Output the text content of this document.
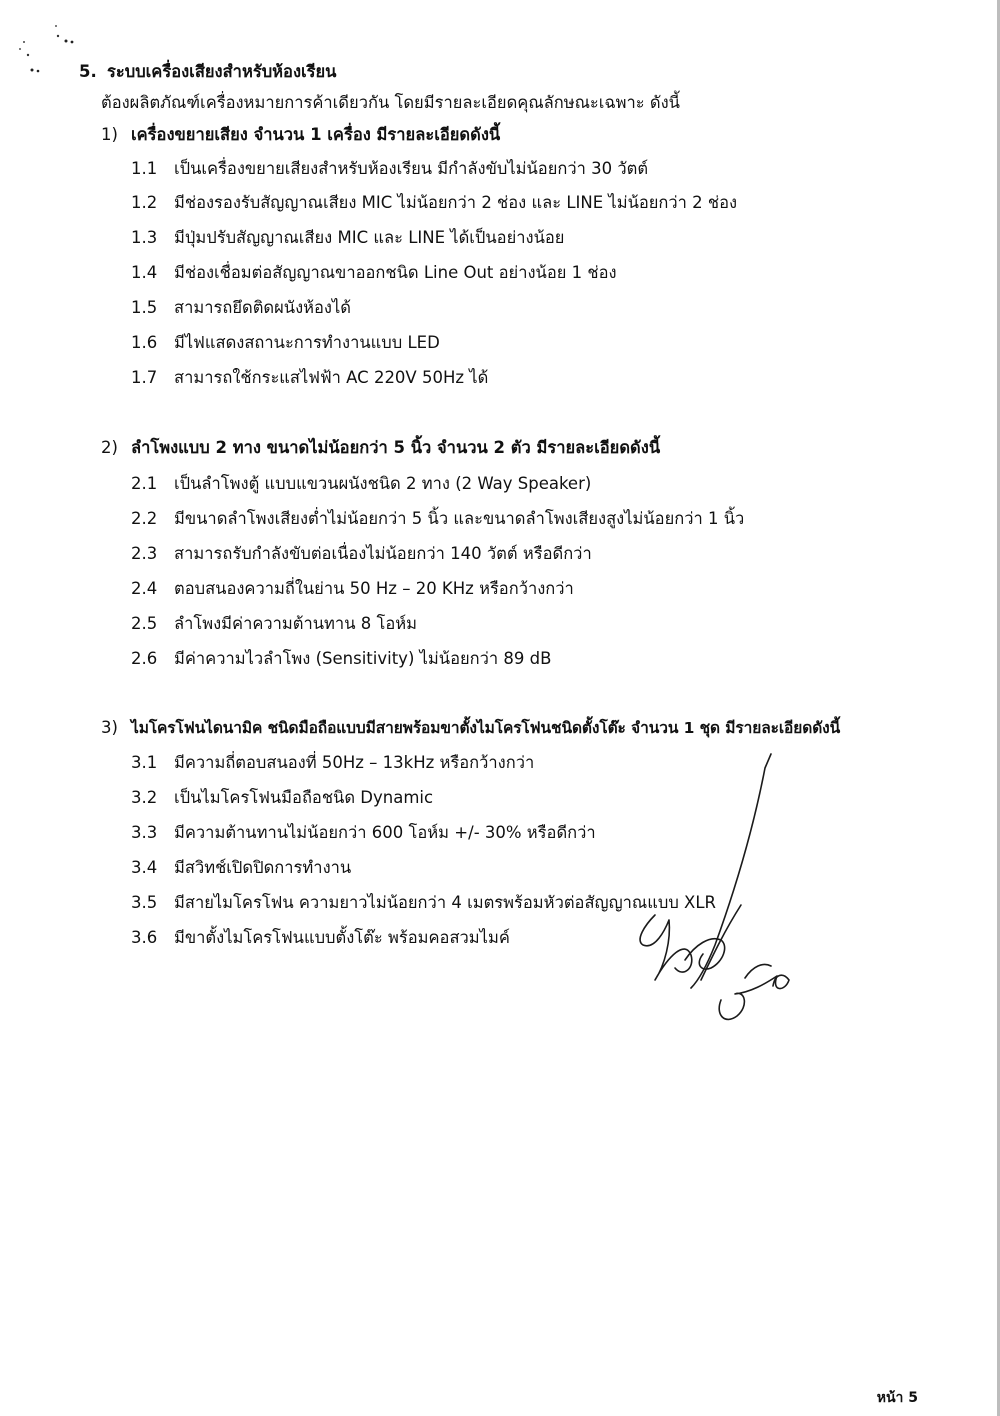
5. ระบบเครื่องเสียงสำหรับห้องเรียน
ต้องผลิตภัณฑ์เครื่องหมายการค้าเดียวกัน โดยมีรายละเอียดคุณลักษณะเฉพาะ ดังนี้
1) เครื่องขยายเสียง จำนวน 1 เครื่อง มีรายละเอียดดังนี้
1.1 เป็นเครื่องขยายเสียงสำหรับห้องเรียน มีกำลังขับไม่น้อยกว่า 30 วัตต์
1.2 มีช่องรองรับสัญญาณเสียง MIC ไม่น้อยกว่า 2 ช่อง และ LINE ไม่น้อยกว่า 2 ช่อง
1.3 มีปุ่มปรับสัญญาณเสียง MIC และ LINE ได้เป็นอย่างน้อย
1.4 มีช่องเชื่อมต่อสัญญาณขาออกชนิด Line Out อย่างน้อย 1 ช่อง
1.5 สามารถยึดติดผนังห้องได้
1.6 มีไฟแสดงสถานะการทำงานแบบ LED
1.7 สามารถใช้กระแสไฟฟ้า AC 220V 50Hz ได้
2) ลำโพงแบบ 2 ทาง ขนาดไม่น้อยกว่า 5 นิ้ว จำนวน 2 ตัว มีรายละเอียดดังนี้
2.1 เป็นลำโพงตู้ แบบแขวนผนังชนิด 2 ทาง (2 Way Speaker)
2.2 มีขนาดลำโพงเสียงต่ำไม่น้อยกว่า 5 นิ้ว และขนาดลำโพงเสียงสูงไม่น้อยกว่า 1 นิ้ว
2.3 สามารถรับกำลังขับต่อเนื่องไม่น้อยกว่า 140 วัตต์ หรือดีกว่า
2.4 ตอบสนองความถี่ในย่าน 50 Hz – 20 KHz หรือกว้างกว่า
2.5 ลำโพงมีค่าความต้านทาน 8 โอห์ม
2.6 มีค่าความไวลำโพง (Sensitivity) ไม่น้อยกว่า 89 dB
3) ไมโครโฟนไดนามิค ชนิดมือถือแบบมีสายพร้อมขาตั้งไมโครโฟนชนิดตั้งโต๊ะ จำนวน 1 ชุด มีรายละเอียดดังนี้
3.1 มีความถี่ตอบสนองที่ 50Hz – 13kHz หรือกว้างกว่า
3.2 เป็นไมโครโฟนมือถือชนิด Dynamic
3.3 มีความต้านทานไม่น้อยกว่า 600 โอห์ม +/- 30% หรือดีกว่า
3.4 มีสวิทช์เปิดปิดการทำงาน
3.5 มีสายไมโครโฟน ความยาวไม่น้อยกว่า 4 เมตรพร้อมหัวต่อสัญญาณแบบ XLR
3.6 มีขาตั้งไมโครโฟนแบบตั้งโต๊ะ พร้อมคอสวมไมค์
หน้า 5
